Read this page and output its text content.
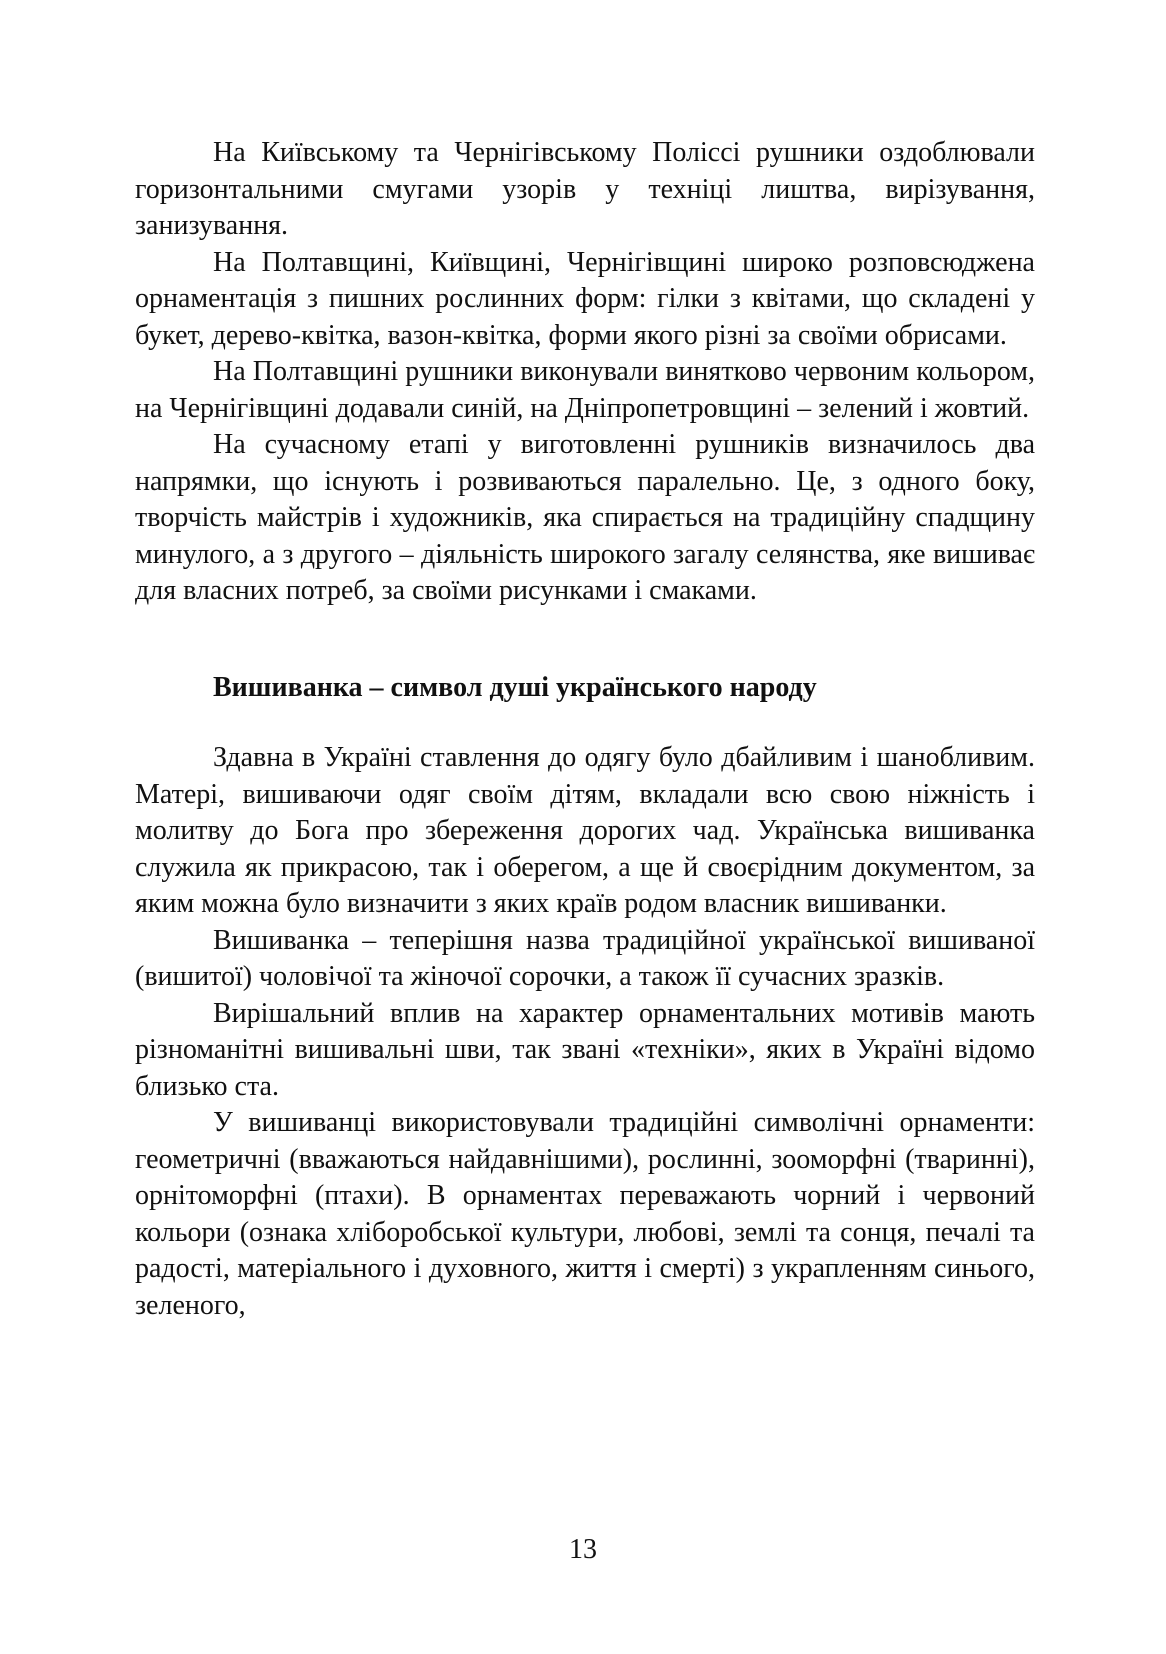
На Київському та Чернігівському Поліссі рушники оздоблювали горизонтальними смугами узорів у техніці лиштва, вирізування, занизування.

На Полтавщині, Київщині, Чернігівщині широко розповсюджена орнаментація з пишних рослинних форм: гілки з квітами, що складені у букет, дерево-квітка, вазон-квітка, форми якого різні за своїми обрисами.

На Полтавщині рушники виконували винятково червоним кольором, на Чернігівщині додавали синій, на Дніпропетровщині – зелений і жовтий.

На сучасному етапі у виготовленні рушників визначилось два напрямки, що існують і розвиваються паралельно. Це, з одного боку, творчість майстрів і художників, яка спирається на традиційну спадщину минулого, а з другого – діяльність широкого загалу селянства, яке вишиває для власних потреб, за своїми рисунками і смаками.

Вишиванка – символ душі українського народу

Здавна в Україні ставлення до одягу було дбайливим і шанобливим. Матері, вишиваючи одяг своїм дітям, вкладали всю свою ніжність і молитву до Бога про збереження дорогих чад. Українська вишиванка служила як прикрасою, так і оберегом, а ще й своєрідним документом, за яким можна було визначити з яких країв родом власник вишиванки.

Вишиванка – теперішня назва традиційної української вишиваної (вишитої) чоловічої та жіночої сорочки, а також її сучасних зразків.

Вирішальний вплив на характер орнаментальних мотивів мають різноманітні вишивальні шви, так звані «техніки», яких в Україні відомо близько ста.

У вишиванці використовували традиційні символічні орнаменти: геометричні (вважаються найдавнішими), рослинні, зооморфні (тваринні), орнітоморфні (птахи). В орнаментах переважають чорний і червоний кольори (ознака хліборобської культури, любові, землі та сонця, печалі та радості, матеріального і духовного, життя і смерті) з украпленням синього, зеленого,

13
